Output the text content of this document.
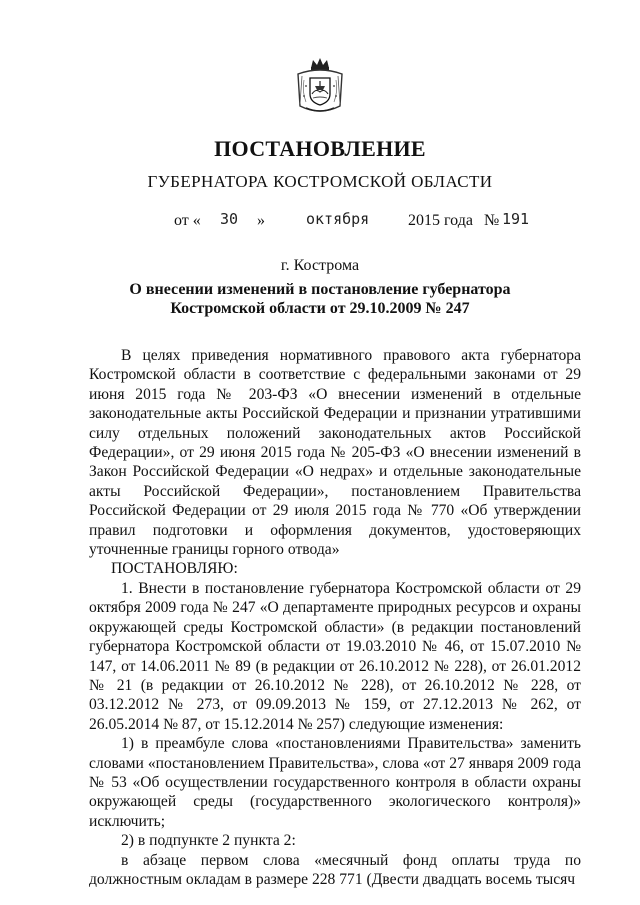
ПОСТАНОВЛЕНИЕ
ГУБЕРНАТОРА КОСТРОМСКОЙ ОБЛАСТИ
от « 30 »	октября 2015 года № 191
г. Кострома
О внесении изменений в постановление губернатора
Костромской области от 29.10.2009 № 247

В целях приведения нормативного правового акта губернатора Костромской области в соответствие с федеральными законами от 29 июня 2015 года № 203-ФЗ «О внесении изменений в отдельные законодательные акты Российской Федерации и признании утратившими силу отдельных положений законодательных актов Российской Федерации», от 29 июня 2015 года № 205-ФЗ «О внесении изменений в Закон Российской Федерации «О недрах» и отдельные законодательные акты Российской Федерации», постановлением Правительства Российской Федерации от 29 июля 2015 года № 770 «Об утверждении правил подготовки и оформления документов, удостоверяющих уточненные границы горного отвода»

ПОСТАНОВЛЯЮ:

1. Внести в постановление губернатора Костромской области от 29 октября 2009 года № 247 «О департаменте природных ресурсов и охраны окружающей среды Костромской области» (в редакции постановлений губернатора Костромской области от 19.03.2010 № 46, от 15.07.2010 № 147, от 14.06.2011 № 89 (в редакции от 26.10.2012 № 228), от 26.01.2012 № 21 (в редакции от 26.10.2012 № 228), от 26.10.2012 № 228, от 03.12.2012 № 273, от 09.09.2013 № 159, от 27.12.2013 № 262, от 26.05.2014 № 87, от 15.12.2014 № 257) следующие изменения:

1) в преамбуле слова «постановлениями Правительства» заменить словами «постановлением Правительства», слова «от 27 января 2009 года № 53 «Об осуществлении государственного контроля в области охраны окружающей среды (государственного экологического контроля)» исключить;

2) в подпункте 2 пункта 2:

в абзаце первом слова «месячный фонд оплаты труда по должностным окладам в размере 228 771 (Двести двадцать восемь тысяч
